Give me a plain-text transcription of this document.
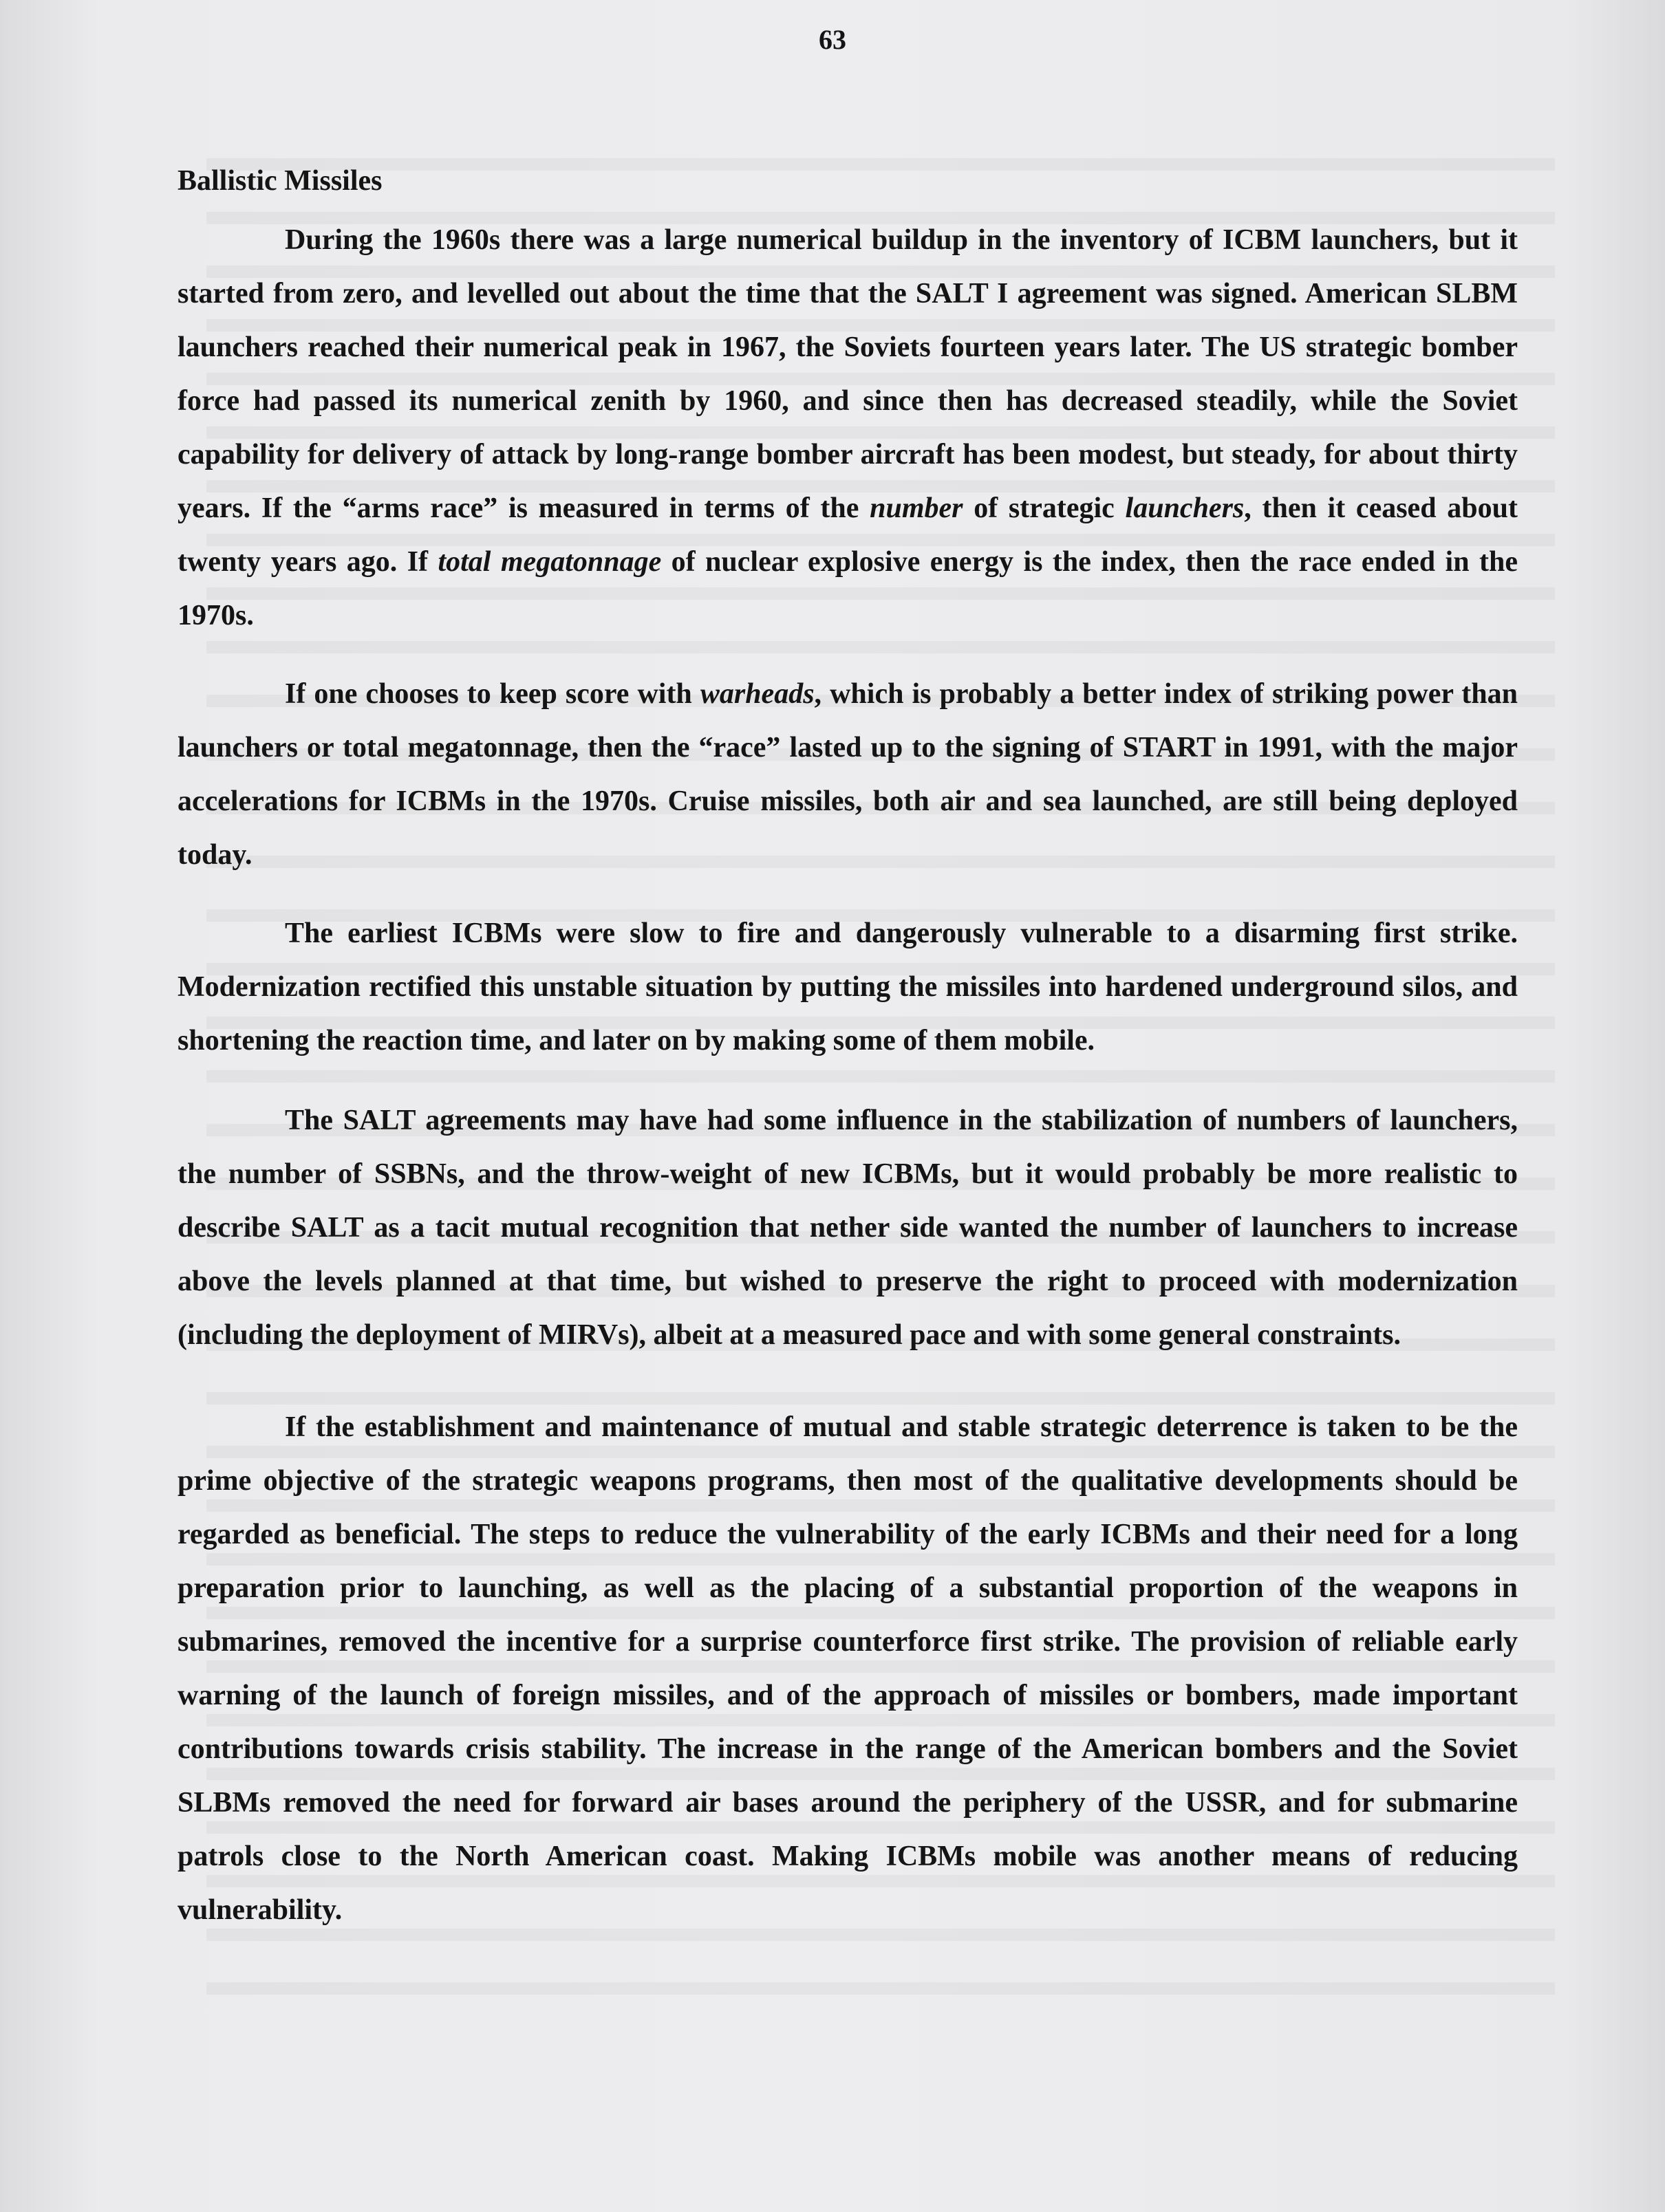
63
Ballistic Missiles

During the 1960s there was a large numerical buildup in the inventory of ICBM launchers, but it started from zero, and levelled out about the time that the SALT I agreement was signed. American SLBM launchers reached their numerical peak in 1967, the Soviets fourteen years later. The US strategic bomber force had passed its numerical zenith by 1960, and since then has decreased steadily, while the Soviet capability for delivery of attack by long-range bomber aircraft has been modest, but steady, for about thirty years. If the “arms race” is measured in terms of the number of strategic launchers, then it ceased about twenty years ago. If total megatonnage of nuclear explosive energy is the index, then the race ended in the 1970s.

If one chooses to keep score with warheads, which is probably a better index of striking power than launchers or total megatonnage, then the “race” lasted up to the signing of START in 1991, with the major accelerations for ICBMs in the 1970s. Cruise missiles, both air and sea launched, are still being deployed today.

The earliest ICBMs were slow to fire and dangerously vulnerable to a disarming first strike. Modernization rectified this unstable situation by putting the missiles into hardened underground silos, and shortening the reaction time, and later on by making some of them mobile.

The SALT agreements may have had some influence in the stabilization of numbers of launchers, the number of SSBNs, and the throw-weight of new ICBMs, but it would probably be more realistic to describe SALT as a tacit mutual recognition that nether side wanted the number of launchers to increase above the levels planned at that time, but wished to preserve the right to proceed with modernization (including the deployment of MIRVs), albeit at a measured pace and with some general constraints.

If the establishment and maintenance of mutual and stable strategic deterrence is taken to be the prime objective of the strategic weapons programs, then most of the qualitative developments should be regarded as beneficial. The steps to reduce the vulnerability of the early ICBMs and their need for a long preparation prior to launching, as well as the placing of a substantial proportion of the weapons in submarines, removed the incentive for a surprise counterforce first strike. The provision of reliable early warning of the launch of foreign missiles, and of the approach of missiles or bombers, made important contributions towards crisis stability. The increase in the range of the American bombers and the Soviet SLBMs removed the need for forward air bases around the periphery of the USSR, and for submarine patrols close to the North American coast. Making ICBMs mobile was another means of reducing vulnerability.
